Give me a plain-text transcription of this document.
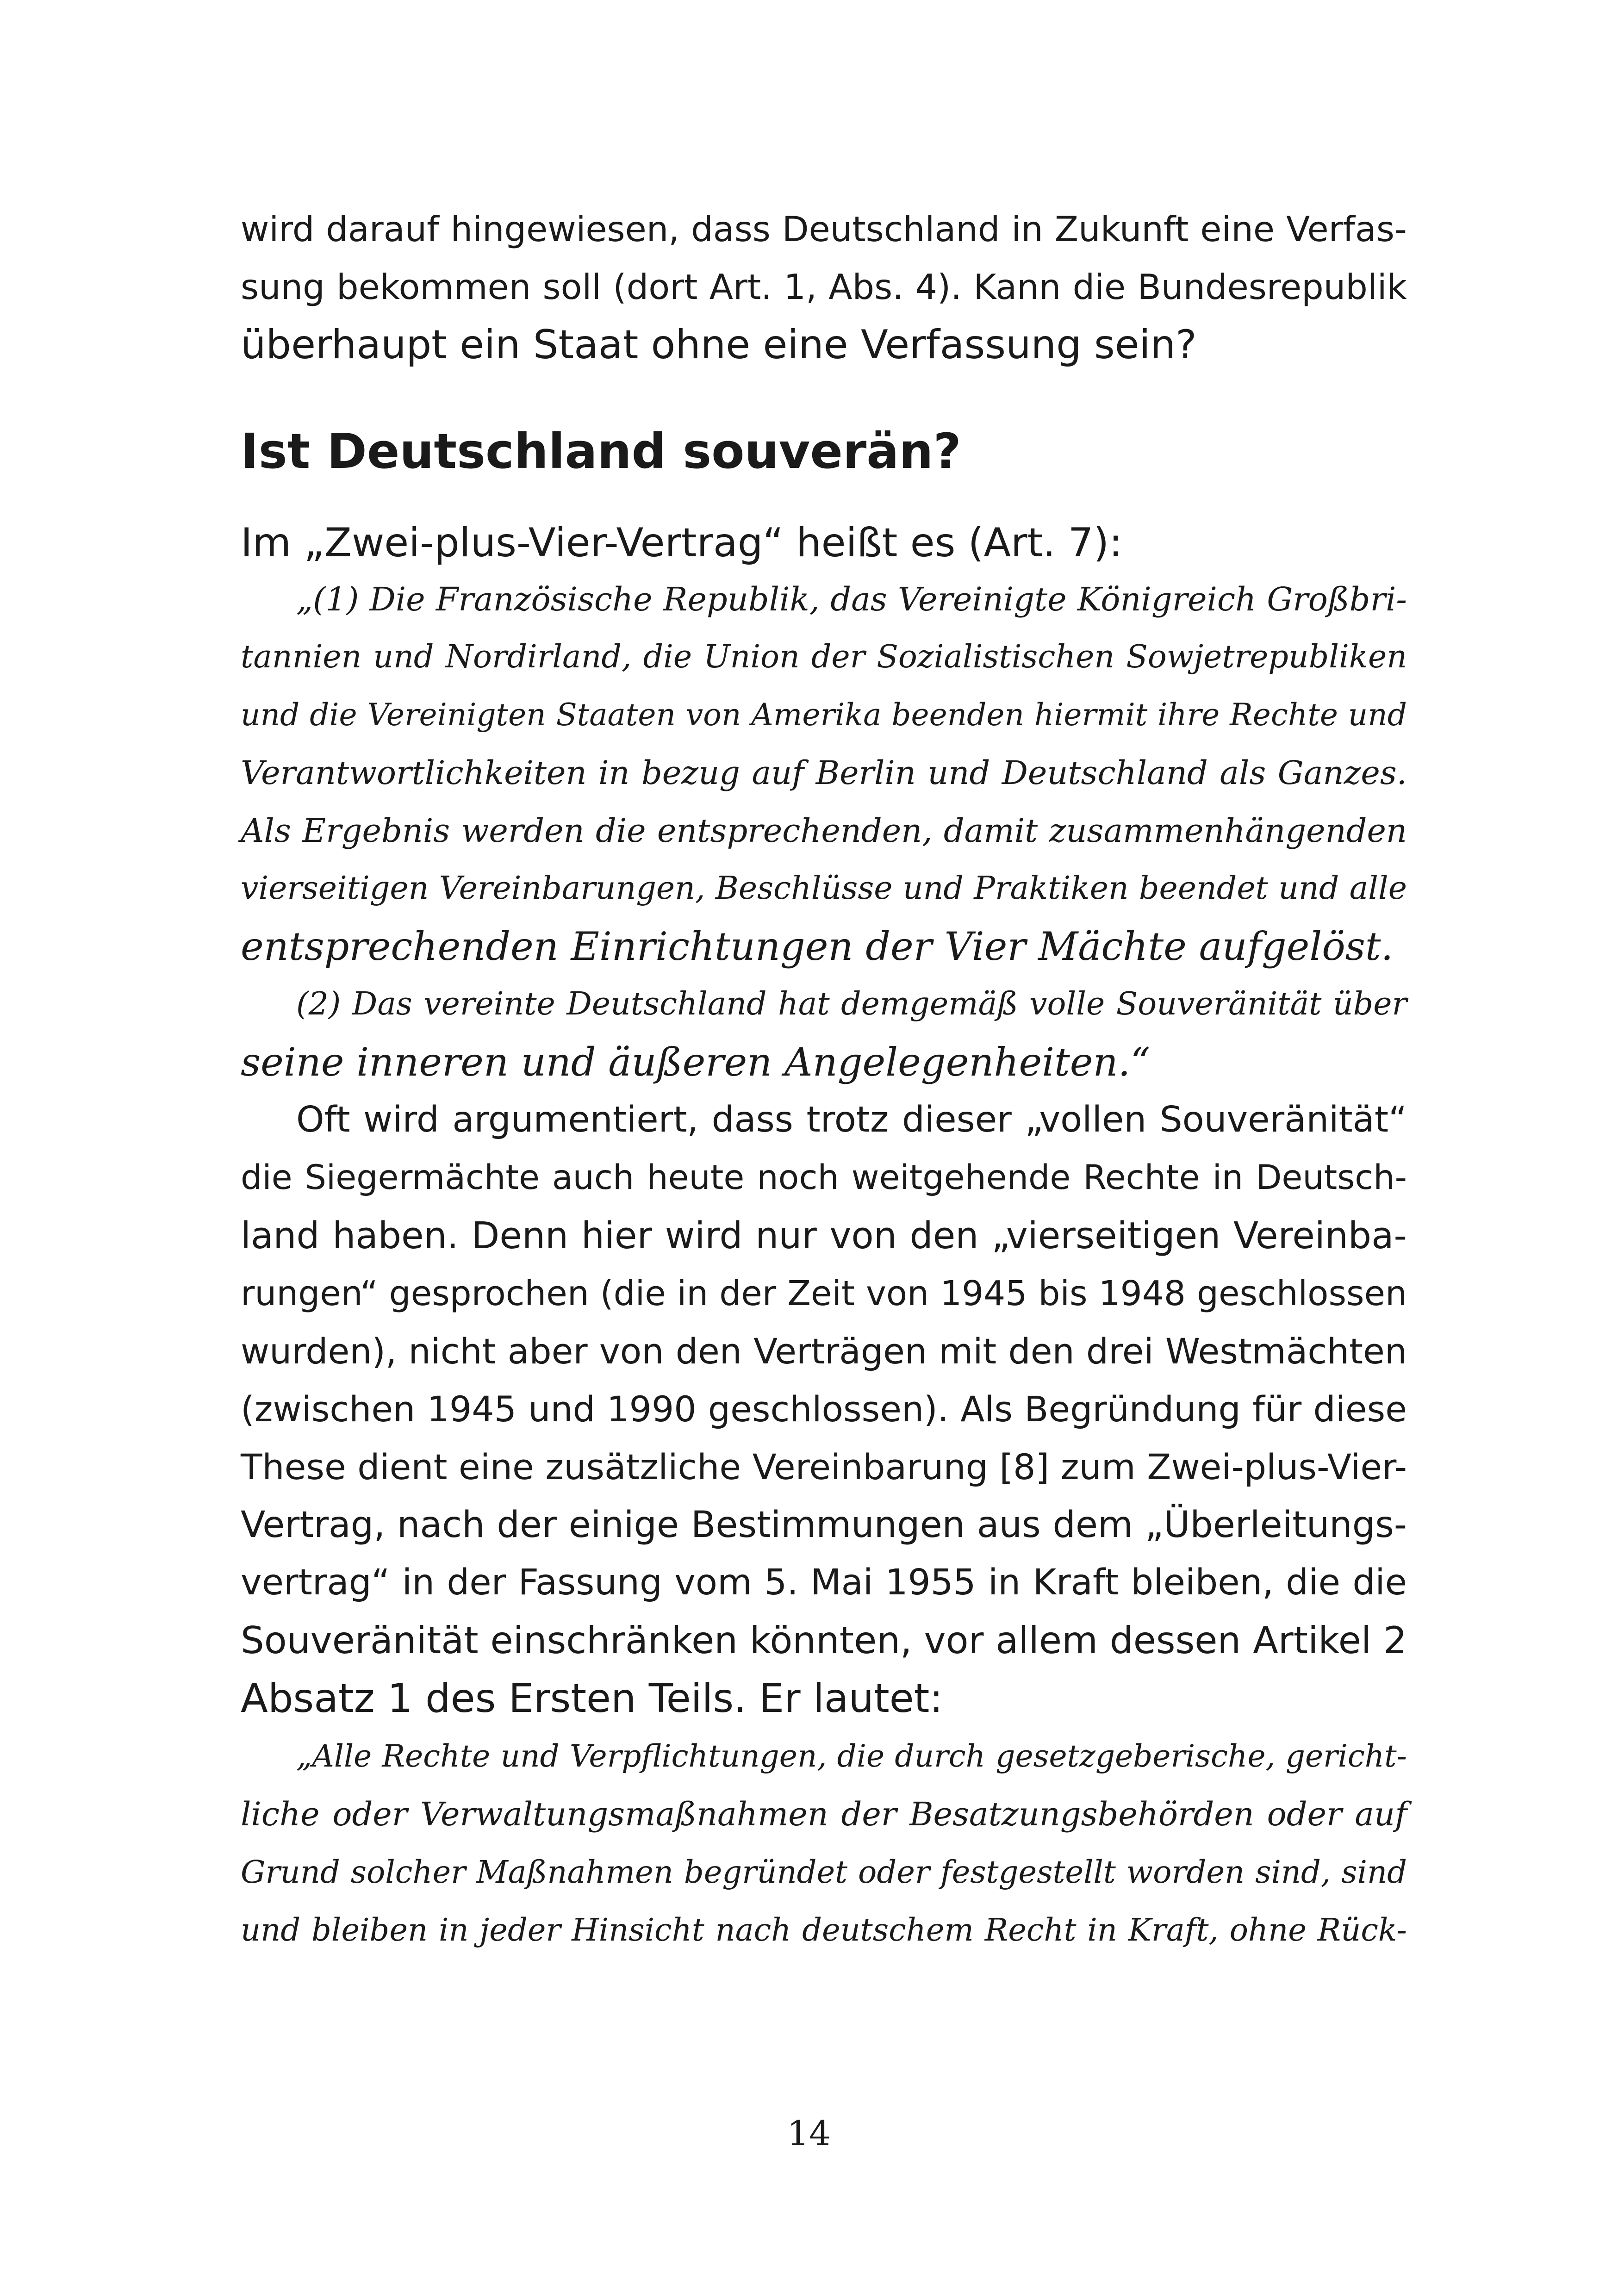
wird darauf hingewiesen, dass Deutschland in Zukunft eine Verfas-
sung bekommen soll (dort Art. 1, Abs. 4). Kann die Bundesrepublik
überhaupt ein Staat ohne eine Verfassung sein?
Ist Deutschland souverän?
Im „Zwei-plus-Vier-Vertrag“ heißt es (Art. 7):
„(1) Die Französische Republik, das Vereinigte Königreich Großbri-
tannien und Nordirland, die Union der Sozialistischen Sowjetrepubliken
und die Vereinigten Staaten von Amerika beenden hiermit ihre Rechte und
Verantwortlichkeiten in bezug auf Berlin und Deutschland als Ganzes.
Als Ergebnis werden die entsprechenden, damit zusammenhängenden
vierseitigen Vereinbarungen, Beschlüsse und Praktiken beendet und alle
entsprechenden Einrichtungen der Vier Mächte aufgelöst.
(2) Das vereinte Deutschland hat demgemäß volle Souveränität über
seine inneren und äußeren Angelegenheiten.“
Oft wird argumentiert, dass trotz dieser „vollen Souveränität“
die Siegermächte auch heute noch weitgehende Rechte in Deutsch-
land haben. Denn hier wird nur von den „vierseitigen Vereinba-
rungen“ gesprochen (die in der Zeit von 1945 bis 1948 geschlossen
wurden), nicht aber von den Verträgen mit den drei Westmächten
(zwischen 1945 und 1990 geschlossen). Als Begründung für diese
These dient eine zusätzliche Vereinbarung [8] zum Zwei-plus-Vier-
Vertrag, nach der einige Bestimmungen aus dem „Überleitungs-
vertrag“ in der Fassung vom 5. Mai 1955 in Kraft bleiben, die die
Souveränität einschränken könnten, vor allem dessen Artikel 2
Absatz 1 des Ersten Teils. Er lautet:
„Alle Rechte und Verpflichtungen, die durch gesetzgeberische, gericht-
liche oder Verwaltungsmaßnahmen der Besatzungsbehörden oder auf
Grund solcher Maßnahmen begründet oder festgestellt worden sind, sind
und bleiben in jeder Hinsicht nach deutschem Recht in Kraft, ohne Rück-
14
